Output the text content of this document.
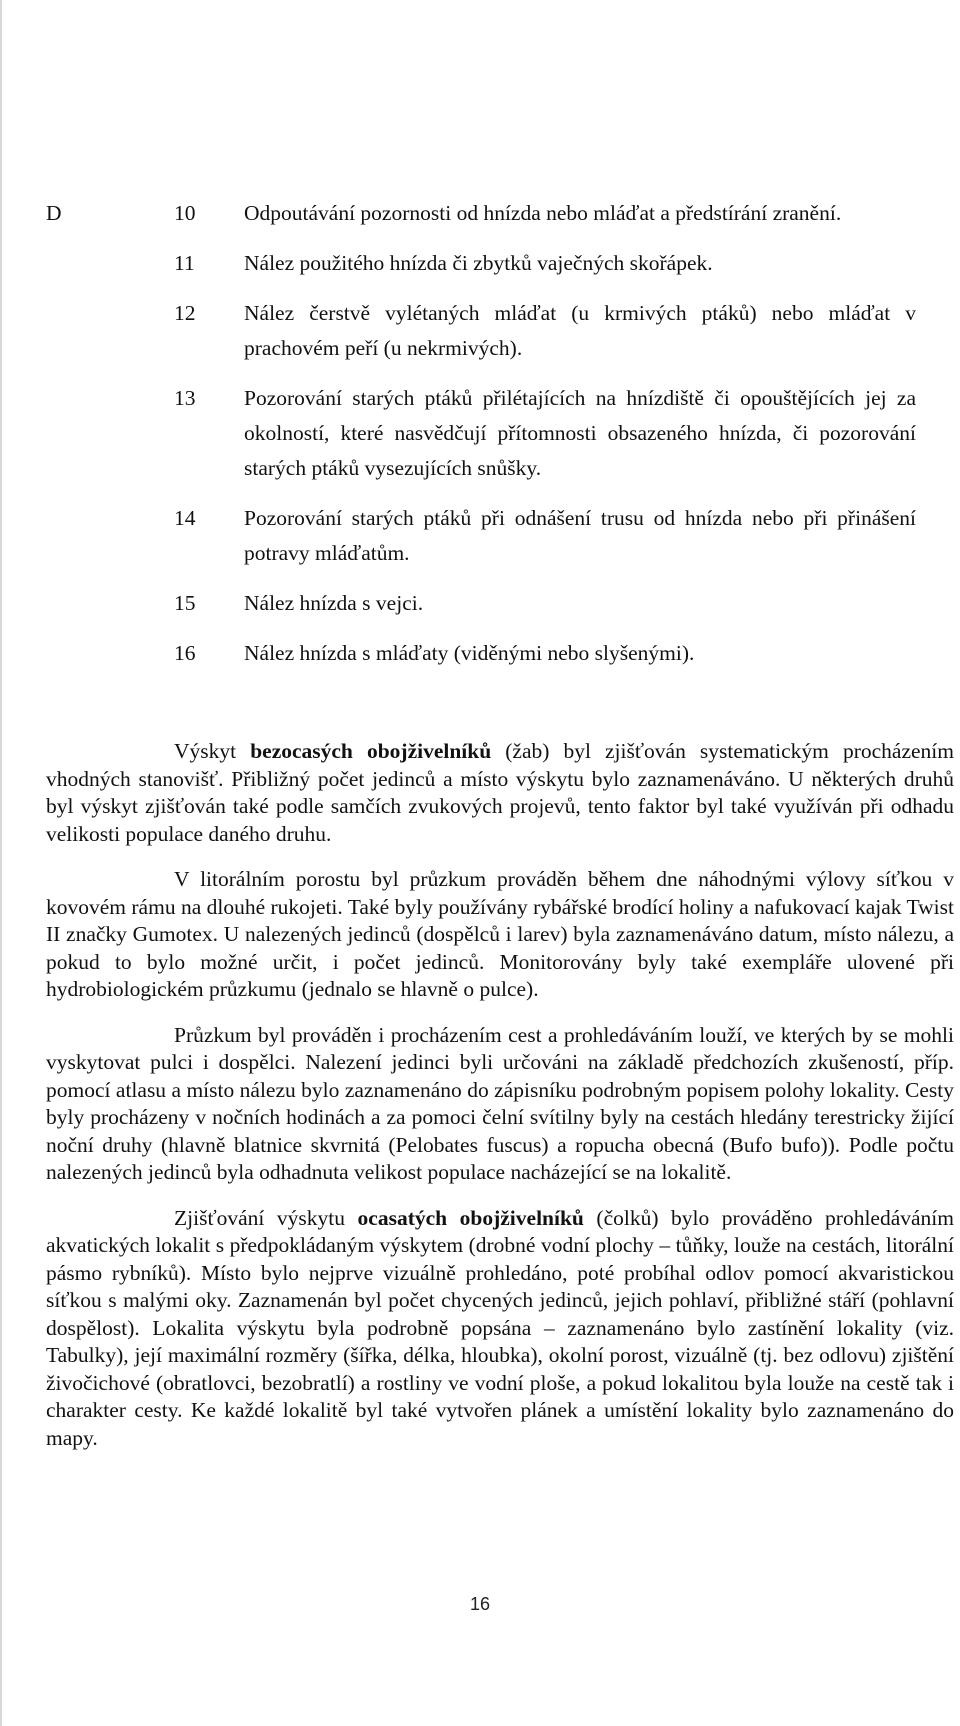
D	10	Odpoutávání pozornosti od hnízda nebo mláďat a předstírání zranění.
11	Nález použitého hnízda či zbytků vaječných skořápek.
12	Nález čerstvě vylétaných mláďat (u krmivých ptáků) nebo mláďat v prachovém peří (u nekrmivých).
13	Pozorování starých ptáků přilétajících na hnízdiště či opouštějících jej za okolností, které nasvědčují přítomnosti obsazeného hnízda, či pozorování starých ptáků vysezujících snůšky.
14	Pozorování starých ptáků při odnášení trusu od hnízda nebo při přinášení potravy mláďatům.
15	Nález hnízda s vejci.
16	Nález hnízda s mláďaty (viděnými nebo slyšenými).

Výskyt bezocasých obojživelníků (žab) byl zjišťován systematickým procházením vhodných stanovišť. Přibližný počet jedinců a místo výskytu bylo zaznamenáváno. U některých druhů byl výskyt zjišťován také podle samčích zvukových projevů, tento faktor byl také využíván při odhadu velikosti populace daného druhu.

V litorálním porostu byl průzkum prováděn během dne náhodnými výlovy síťkou v kovovém rámu na dlouhé rukojeti. Také byly používány rybářské brodící holiny a nafukovací kajak Twist II značky Gumotex. U nalezených jedinců (dospělců i larev) byla zaznamenáváno datum, místo nálezu, a pokud to bylo možné určit, i počet jedinců. Monitorovány byly také exempláře ulovené při hydrobiologickém průzkumu (jednalo se hlavně o pulce).

Průzkum byl prováděn i procházením cest a prohledáváním louží, ve kterých by se mohli vyskytovat pulci i dospělci. Nalezení jedinci byli určováni na základě předchozích zkušeností, příp. pomocí atlasu a místo nálezu bylo zaznamenáno do zápisníku podrobným popisem polohy lokality. Cesty byly procházeny v nočních hodinách a za pomoci čelní svítilny byly na cestách hledány terestricky žijící noční druhy (hlavně blatnice skvrnitá (Pelobates fuscus) a ropucha obecná (Bufo bufo)). Podle počtu nalezených jedinců byla odhadnuta velikost populace nacházející se na lokalitě.

Zjišťování výskytu ocasatých obojživelníků (čolků) bylo prováděno prohledáváním akvatických lokalit s předpokládaným výskytem (drobné vodní plochy – tůňky, louže na cestách, litorální pásmo rybníků). Místo bylo nejprve vizuálně prohledáno, poté probíhal odlov pomocí akvaristickou síťkou s malými oky. Zaznamenán byl počet chycených jedinců, jejich pohlaví, přibližné stáří (pohlavní dospělost). Lokalita výskytu byla podrobně popsána – zaznamenáno bylo zastínění lokality (viz. Tabulky), její maximální rozměry (šířka, délka, hloubka), okolní porost, vizuálně (tj. bez odlovu) zjištění živočichové (obratlovci, bezobratlí) a rostliny ve vodní ploše, a pokud lokalitou byla louže na cestě tak i charakter cesty. Ke každé lokalitě byl také vytvořen plánek a umístění lokality bylo zaznamenáno do mapy.

16
